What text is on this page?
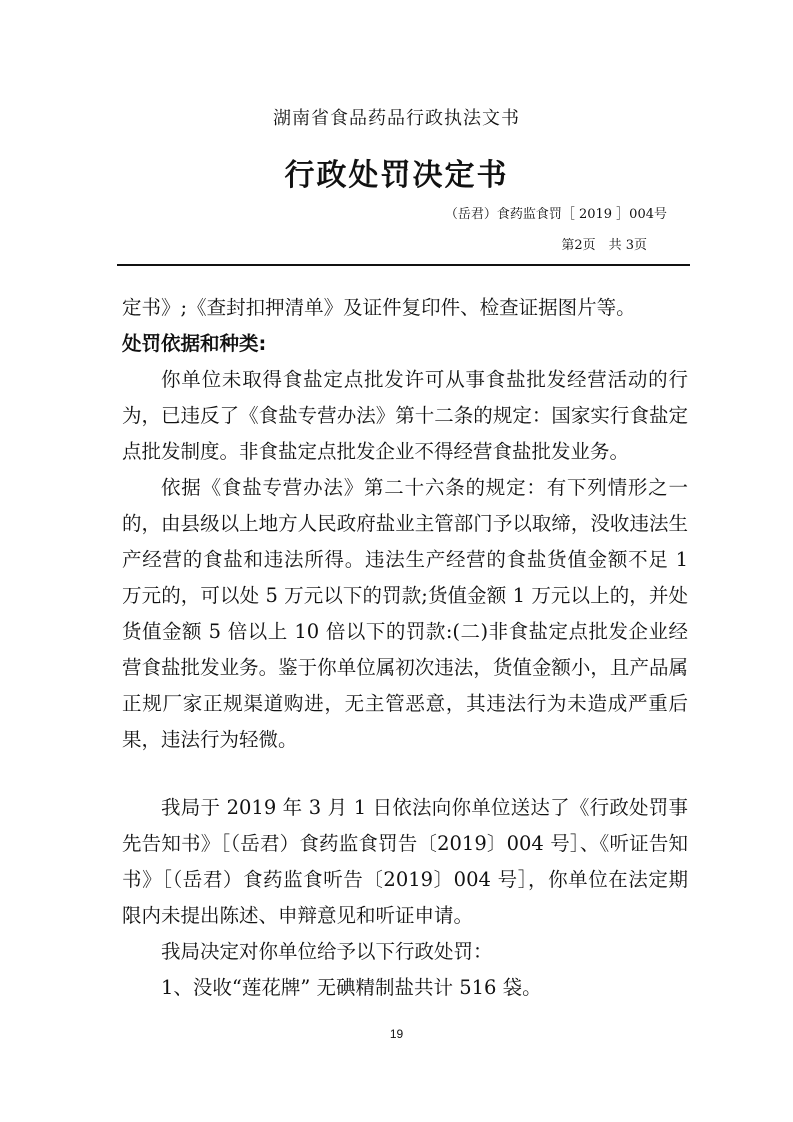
湖南省食品药品行政执法文书
行政处罚决定书
（岳君）食药监食罚［ 2019 ］004号
第2页　共 3页

定书》;《查封扣押清单》及证件复印件、检查证据图片等。

处罚依据和种类:

你单位未取得食盐定点批发许可从事食盐批发经营活动的行为，已违反了《食盐专营办法》第十二条的规定：国家实行食盐定点批发制度。非食盐定点批发企业不得经营食盐批发业务。

依据《食盐专营办法》第二十六条的规定：有下列情形之一的，由县级以上地方人民政府盐业主管部门予以取缔，没收违法生产经营的食盐和违法所得。违法生产经营的食盐货值金额不足 1 万元的，可以处 5 万元以下的罚款;货值金额 1 万元以上的，并处货值金额 5 倍以上 10 倍以下的罚款:(二)非食盐定点批发企业经营食盐批发业务。鉴于你单位属初次违法，货值金额小，且产品属正规厂家正规渠道购进，无主管恶意，其违法行为未造成严重后果，违法行为轻微。

我局于 2019 年 3 月 1 日依法向你单位送达了《行政处罚事先告知书》［（岳君）食药监食罚告〔2019〕004 号］、《听证告知书》［（岳君）食药监食听告〔2019〕004 号］，你单位在法定期限内未提出陈述、申辩意见和听证申请。

我局决定对你单位给予以下行政处罚：

1、没收“莲花牌” 无碘精制盐共计 516 袋。

19
